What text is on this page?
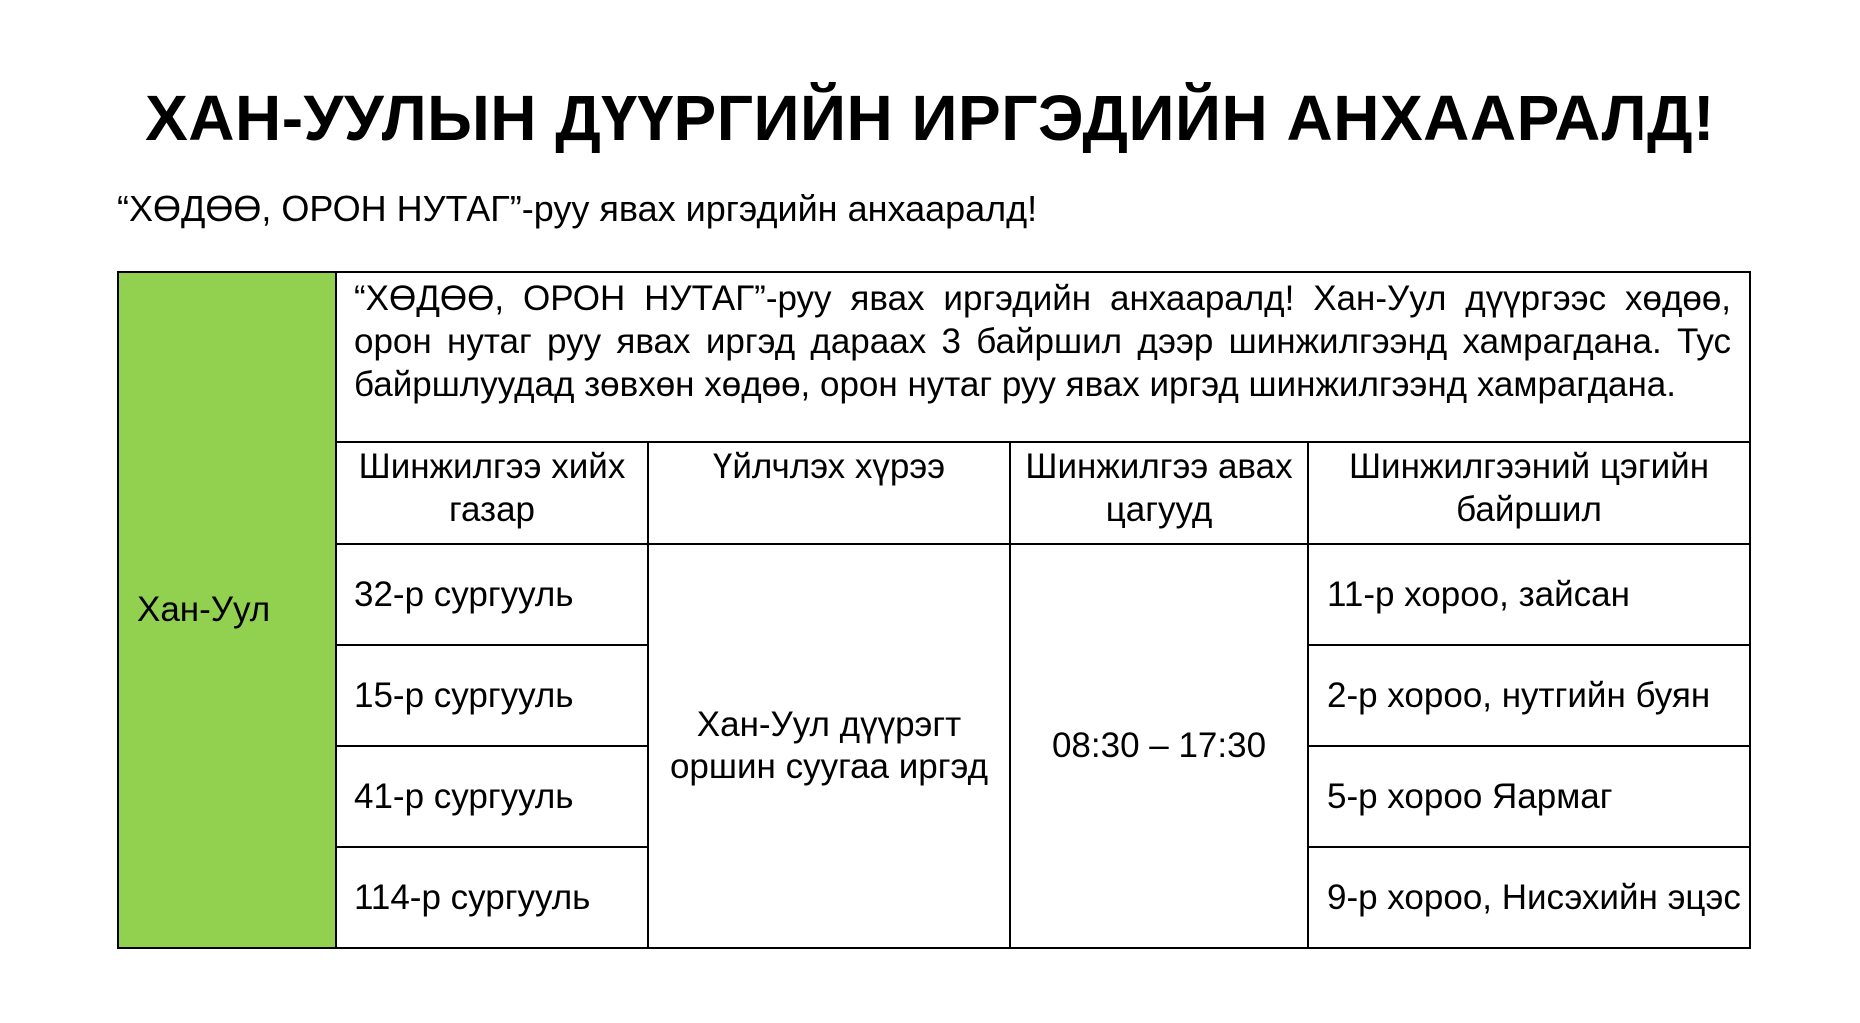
ХАН-УУЛЫН ДҮҮРГИЙН ИРГЭДИЙН АНХААРАЛД!
“ХӨДӨӨ, ОРОН НУТАГ”-руу явах иргэдийн анхааралд!
Хан-Уул	“ХӨДӨӨ, ОРОН НУТАГ”-руу явах иргэдийн анхааралд! Хан-Уул дүүргээс хөдөө, орон нутаг руу явах иргэд дараах 3 байршил дээр шинжилгээнд хамрагдана. Тус байршлуудад зөвхөн хөдөө, орон нутаг руу явах иргэд шинжилгээнд хамрагдана.			
	Шинжилгээ хийх газар	Үйлчлэх хүрээ	Шинжилгээ авах цагууд	Шинжилгээний цэгийн байршил
	32-р сургууль	Хан-Уул дүүрэгт оршин суугаа иргэд	08:30 – 17:30	11-р хороо, зайсан
	15-р сургууль			2-р хороо, нутгийн буян
	41-р сургууль			5-р хороо Яармаг
	114-р сургууль			9-р хороо, Нисэхийн эцэс
